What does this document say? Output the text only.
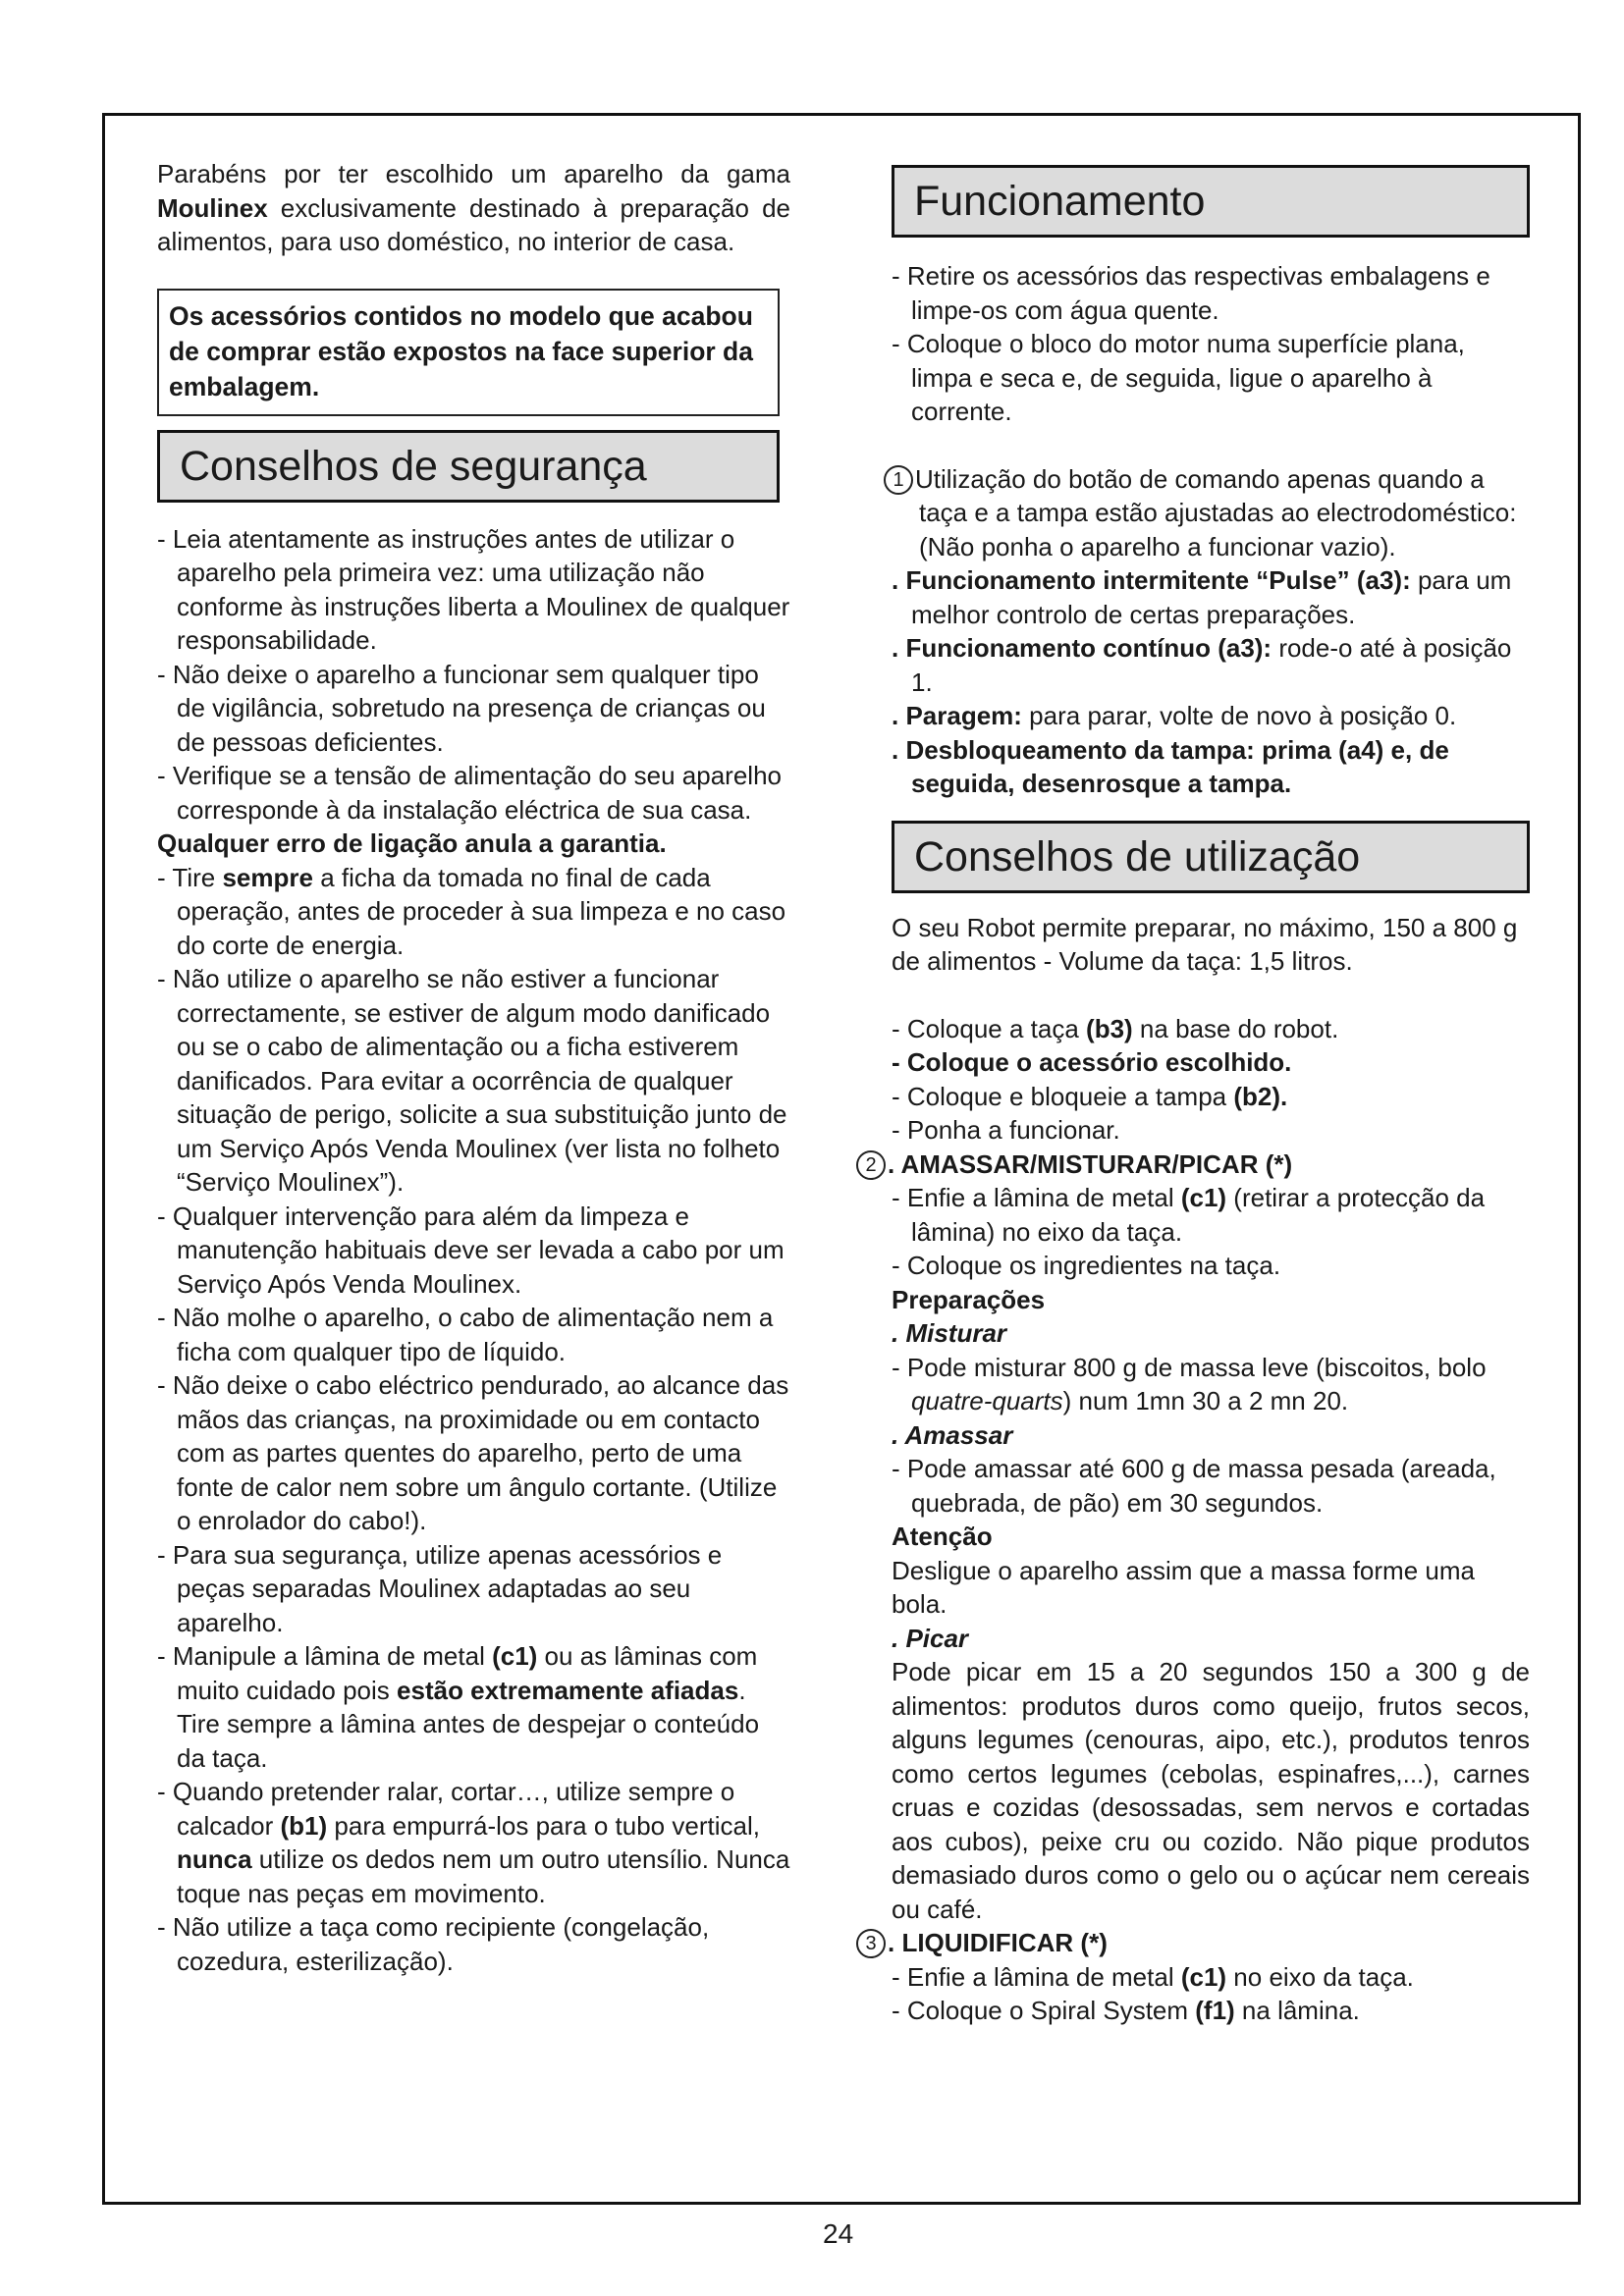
Parabéns por ter escolhido um aparelho da gama Moulinex exclusivamente destinado à preparação de alimentos, para uso doméstico, no interior de casa.

Os acessórios contidos no modelo que acabou de comprar estão expostos na face superior da embalagem.
Conselhos de segurança
- Leia atentamente as instruções antes de utilizar o aparelho pela primeira vez: uma utilização não conforme às instruções liberta a Moulinex de qualquer responsabilidade.
- Não deixe o aparelho a funcionar sem qualquer tipo de vigilância, sobretudo na presença de crianças ou de pessoas deficientes.
- Verifique se a tensão de alimentação do seu aparelho corresponde à da instalação eléctrica de sua casa.
Qualquer erro de ligação anula a garantia.
- Tire sempre a ficha da tomada no final de cada operação, antes de proceder à sua limpeza e no caso do corte de energia.
- Não utilize o aparelho se não estiver a funcionar correctamente, se estiver de algum modo danificado ou se o cabo de alimentação ou a ficha estiverem danificados. Para evitar a ocorrência de qualquer situação de perigo, solicite a sua substituição junto de um Serviço Após Venda Moulinex (ver lista no folheto “Serviço Moulinex”).
- Qualquer intervenção para além da limpeza e manutenção habituais deve ser levada a cabo por um Serviço Após Venda Moulinex.
- Não molhe o aparelho, o cabo de alimentação nem a ficha com qualquer tipo de líquido.
- Não deixe o cabo eléctrico pendurado, ao alcance das mãos das crianças, na proximidade ou em contacto com as partes quentes do aparelho, perto de uma fonte de calor nem sobre um ângulo cortante. (Utilize o enrolador do cabo!).
- Para sua segurança, utilize apenas acessórios e peças separadas Moulinex adaptadas ao seu aparelho.
- Manipule a lâmina de metal (c1) ou as lâminas com muito cuidado pois estão extremamente afiadas. Tire sempre a lâmina antes de despejar o conteúdo da taça.
- Quando pretender ralar, cortar…, utilize sempre o calcador (b1) para empurrá-los para o tubo vertical, nunca utilize os dedos nem um outro utensílio. Nunca toque nas peças em movimento.
- Não utilize a taça como recipiente (congelação, cozedura, esterilização).
Funcionamento
- Retire os acessórios das respectivas embalagens e limpe-os com água quente.
- Coloque o bloco do motor numa superfície plana, limpa e seca e, de seguida, ligue o aparelho à corrente.
1 Utilização do botão de comando apenas quando a taça e a tampa estão ajustadas ao electrodoméstico: (Não ponha o aparelho a funcionar vazio).
. Funcionamento intermitente “Pulse” (a3): para um melhor controlo de certas preparações.
. Funcionamento contínuo (a3): rode-o até à posição 1.
. Paragem: para parar, volte de novo à posição 0.
. Desbloqueamento da tampa: prima (a4) e, de seguida, desenrosque a tampa.
Conselhos de utilização
O seu Robot permite preparar, no máximo, 150 a 800 g de alimentos - Volume da taça: 1,5 litros.
- Coloque a taça (b3) na base do robot.
- Coloque o acessório escolhido.
- Coloque e bloqueie a tampa (b2).
- Ponha a funcionar.
2 . AMASSAR/MISTURAR/PICAR (*)
- Enfie a lâmina de metal (c1) (retirar a protecção da lâmina) no eixo da taça.
- Coloque os ingredientes na taça.
Preparações
. Misturar
- Pode misturar 800 g de massa leve (biscoitos, bolo quatre-quarts) num 1mn 30 a 2 mn 20.
. Amassar
- Pode amassar até 600 g de massa pesada (areada, quebrada, de pão) em 30 segundos.
Atenção
Desligue o aparelho assim que a massa forme uma bola.
. Picar
Pode picar em 15 a 20 segundos 150 a 300 g de alimentos: produtos duros como queijo, frutos secos, alguns legumes (cenouras, aipo, etc.), produtos tenros como certos legumes (cebolas, espinafres,...), carnes cruas e cozidas (desossadas, sem nervos e cortadas aos cubos), peixe cru ou cozido. Não pique produtos demasiado duros como o gelo ou o açúcar nem cereais ou café.
3 . LIQUIDIFICAR (*)
- Enfie a lâmina de metal (c1) no eixo da taça.
- Coloque o Spiral System (f1) na lâmina.
24
